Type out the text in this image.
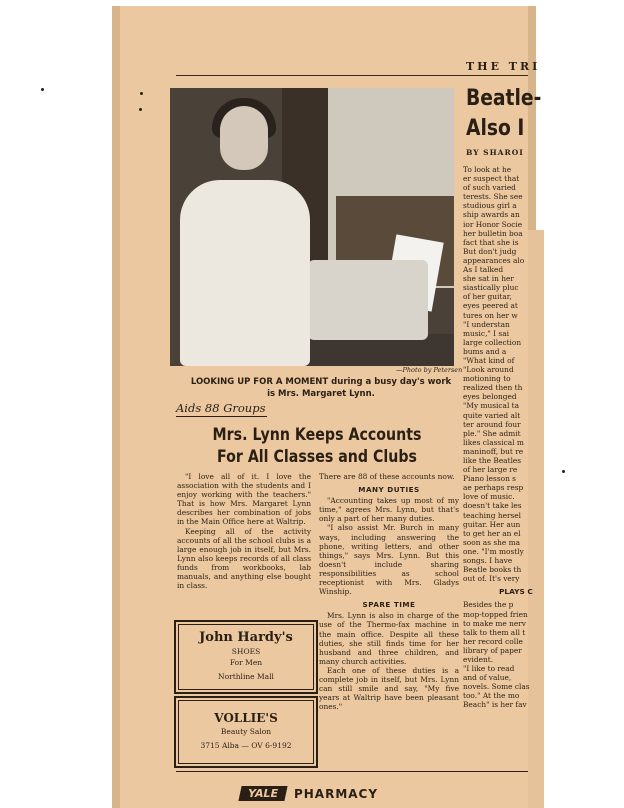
THE TRI
—Photo by Petersen
LOOKING UP FOR A MOMENT during a busy day's work is Mrs. Margaret Lynn.
Aids 88 Groups
Mrs. Lynn Keeps Accounts
For All Classes and Clubs

"I love all of it. I love the association with the students and I enjoy working with the teachers." That is how Mrs. Margaret Lynn describes her combination of jobs in the Main Office here at Waltrip.

Keeping all of the activity accounts of all the school clubs is a large enough job in itself, but Mrs. Lynn also keeps records of all class funds from workbooks, lab manuals, and anything else bought in class.

There are 88 of these accounts now.

MANY DUTIES

"Accounting takes up most of my time," agrees Mrs. Lynn, but that's only a part of her many duties.

"I also assist Mr. Burch in many ways, including answering the phone, writing letters, and other things," says Mrs. Lynn. But this doesn't include sharing responsibilities as school receptionist with Mrs. Gladys Winship.

SPARE TIME

Mrs. Lynn is also in charge of the use of the Thermo-fax machine in the main office. Despite all these duties, she still finds time for her husband and three children, and many church activities.

Each one of these duties is a complete job in itself, but Mrs. Lynn can still smile and say, "My five years at Waltrip have been pleasant ones."

John Hardy's
SHOES
For Men
Northline Mall
VOLLIE'S
Beauty Salon
3715 Alba — OV 6-9192
YALE	PHARMACY
Beatle-
Also I
BY SHAROI
To look at he
er suspect that
of such varied
terests. She see
studious girl a
ship awards an
ior Honor Socie
her bulletin boa
fact that she is
But don't judg
appearances alo
As I talked
she sat in her
siastically pluc
of her guitar,
eyes peered at
tures on her w
"I understan
music," I sai
large collection
bums and a
"What kind of
"Look around
motioning to
realized then th
eyes belonged
"My musical ta
quite varied alt
ter around four
ple." She admit
likes classical m
maninoff, but re
like the Beatles
of her large re
Piano lesson s
ae perhaps resp
love of music.
doesn't take les
teaching hersel
guitar. Her aun
to get her an el
soon as she ma
one. "I'm mostly
songs. I have
Beatle books th
out of. It's very
PLAYS C
Besides the p
mop-topped frien
to make me nerv
talk to them all t
her record colle
library of paper
evident.
"I like to read
and of value,
novels. Some clas
too." At the mo
Beach" is her fav
